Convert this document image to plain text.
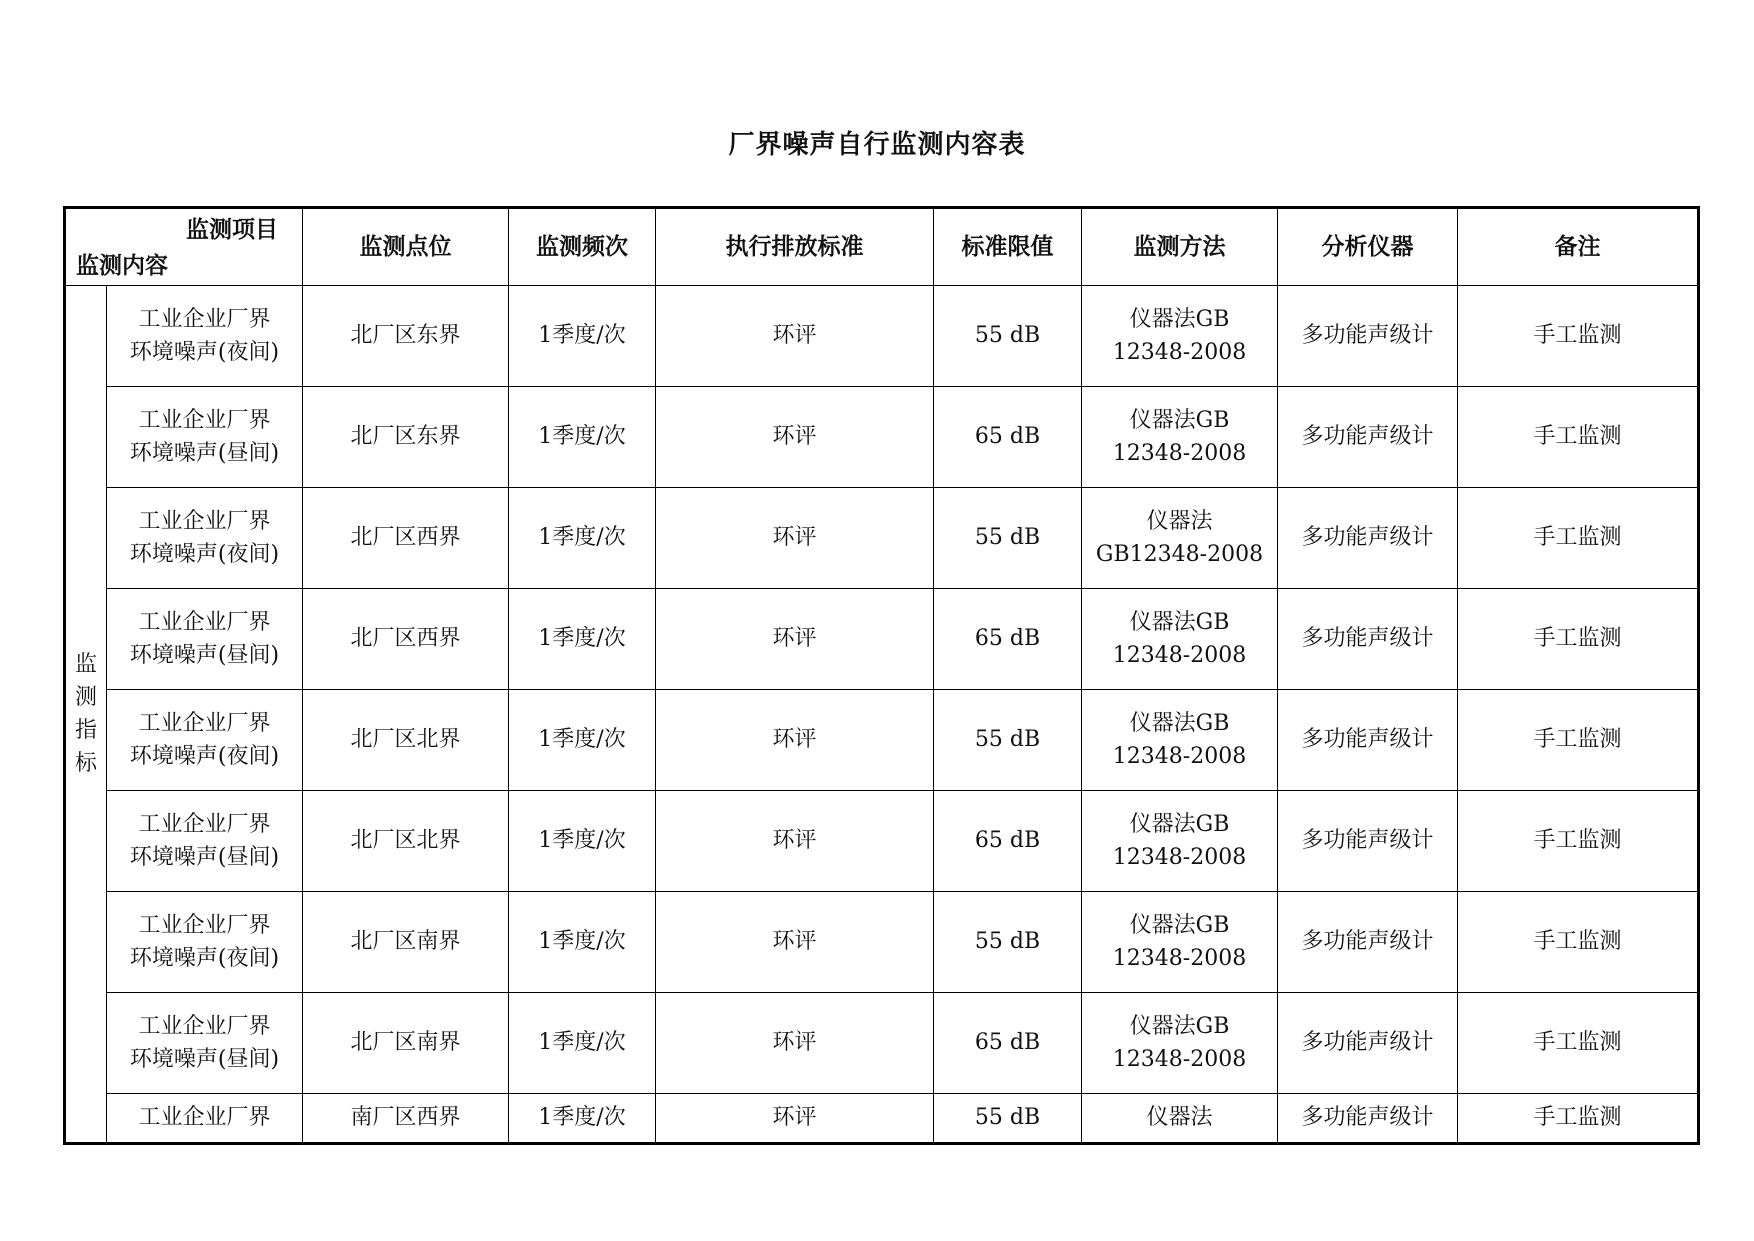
厂界噪声自行监测内容表
监测项目
监测内容		监测点位	监测频次	执行排放标准	标准限值	监测方法	分析仪器	备注

监
测
指
标	工业企业厂界
环境噪声(夜间)	北厂区东界	1季度/次	环评	55 dB	仪器法GB
12348-2008	多功能声级计	手工监测

	工业企业厂界
环境噪声(昼间)	北厂区东界	1季度/次	环评	65 dB	仪器法GB
12348-2008	多功能声级计	手工监测

	工业企业厂界
环境噪声(夜间)	北厂区西界	1季度/次	环评	55 dB	仪器法
GB12348-2008	多功能声级计	手工监测

	工业企业厂界
环境噪声(昼间)	北厂区西界	1季度/次	环评	65 dB	仪器法GB
12348-2008	多功能声级计	手工监测

	工业企业厂界
环境噪声(夜间)	北厂区北界	1季度/次	环评	55 dB	仪器法GB
12348-2008	多功能声级计	手工监测

	工业企业厂界
环境噪声(昼间)	北厂区北界	1季度/次	环评	65 dB	仪器法GB
12348-2008	多功能声级计	手工监测

	工业企业厂界
环境噪声(夜间)	北厂区南界	1季度/次	环评	55 dB	仪器法GB
12348-2008	多功能声级计	手工监测

	工业企业厂界
环境噪声(昼间)	北厂区南界	1季度/次	环评	65 dB	仪器法GB
12348-2008	多功能声级计	手工监测
	工业企业厂界	南厂区西界	1季度/次	环评	55 dB	仪器法	多功能声级计	手工监测
